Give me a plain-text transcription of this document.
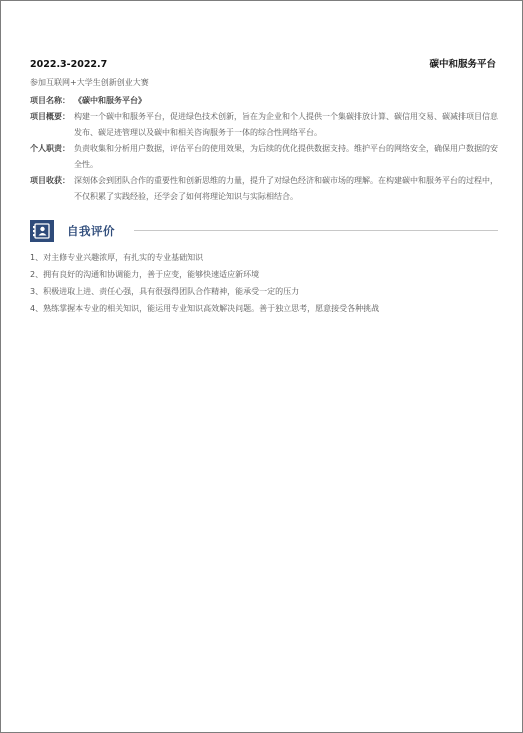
2022.3-2022.7	碳中和服务平台
参加互联网+大学生创新创业大赛
项目名称： 《碳中和服务平台》
项目概要： 构建一个碳中和服务平台，促进绿色技术创新，旨在为企业和个人提供一个集碳排放计算、碳信用交易、碳减排项目信息发布、碳足迹管理以及碳中和相关咨询服务于一体的综合性网络平台。
个人职责： 负责收集和分析用户数据，评估平台的使用效果，为后续的优化提供数据支持。维护平台的网络安全，确保用户数据的安全性。
项目收获： 深刻体会到团队合作的重要性和创新思维的力量，提升了对绿色经济和碳市场的理解。在构建碳中和服务平台的过程中，不仅积累了实践经验，还学会了如何将理论知识与实际相结合。
自我评价
1、对主修专业兴趣浓厚，有扎实的专业基础知识
2、拥有良好的沟通和协调能力，善于应变，能够快速适应新环境
3、积极进取上进、责任心强，具有很强得团队合作精神，能承受一定的压力
4、熟练掌握本专业的相关知识，能运用专业知识高效解决问题。善于独立思考，愿意接受各种挑战
